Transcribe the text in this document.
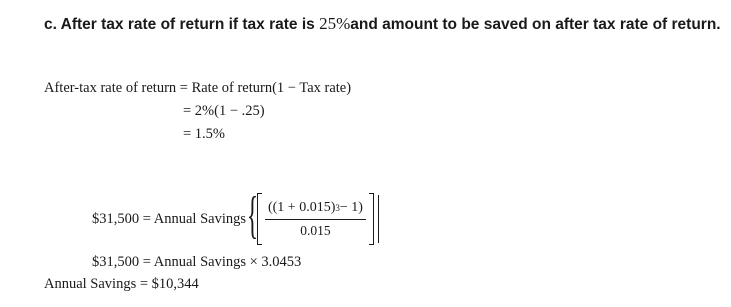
c. After tax rate of return if tax rate is 25%and amount to be saved on after tax rate of return.
After-tax rate of return = Rate of return(1 − Tax rate)
= 2%(1 − .25)
= 1.5%
$31,500 = Annual Savings { $\frac{((1 + 0.015) 3 - 1)}{0.015}$
$31,500 = Annual Savings × 3.0453
Annual Savings = $10,344
